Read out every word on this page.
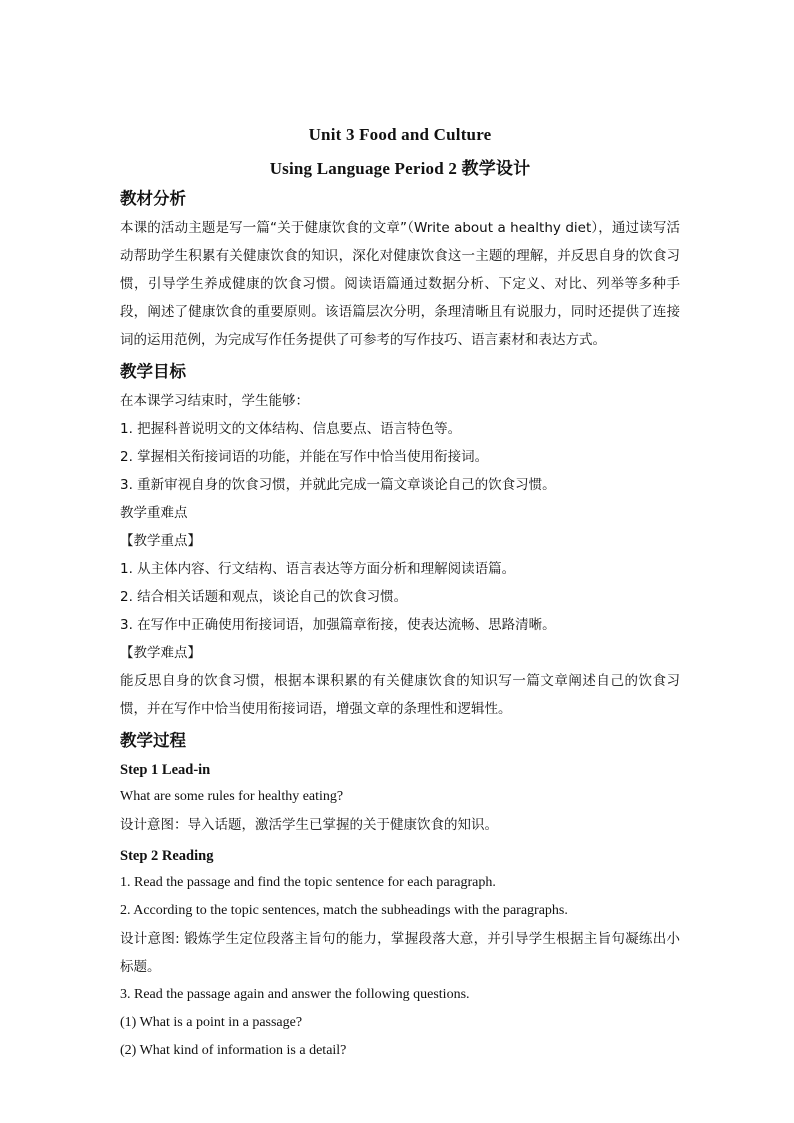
Unit 3 Food and Culture
Using Language Period 2 教学设计
教材分析
本课的活动主题是写一篇“关于健康饮食的文章”（Write about a healthy diet），通过读写活动帮助学生积累有关健康饮食的知识，深化对健康饮食这一主题的理解，并反思自身的饮食习惯，引导学生养成健康的饮食习惯。阅读语篇通过数据分析、下定义、对比、列举等多种手段，阐述了健康饮食的重要原则。该语篇层次分明，条理清晰且有说服力，同时还提供了连接词的运用范例，为完成写作任务提供了可参考的写作技巧、语言素材和表达方式。
教学目标
在本课学习结束时，学生能够：
1. 把握科普说明文的文体结构、信息要点、语言特色等。
2. 掌握相关衔接词语的功能，并能在写作中恰当使用衔接词。
3. 重新审视自身的饮食习惯，并就此完成一篇文章谈论自己的饮食习惯。
教学重难点
【教学重点】
1. 从主体内容、行文结构、语言表达等方面分析和理解阅读语篇。
2. 结合相关话题和观点，谈论自己的饮食习惯。
3. 在写作中正确使用衔接词语，加强篇章衔接，使表达流畅、思路清晰。
【教学难点】
能反思自身的饮食习惯，根据本课积累的有关健康饮食的知识写一篇文章阐述自己的饮食习惯，并在写作中恰当使用衔接词语，增强文章的条理性和逻辑性。
教学过程
Step 1 Lead-in
What are some rules for healthy eating?
设计意图：导入话题，激活学生已掌握的关于健康饮食的知识。
Step 2 Reading
1. Read the passage and find the topic sentence for each paragraph.
2. According to the topic sentences, match the subheadings with the paragraphs.
设计意图: 锻炼学生定位段落主旨句的能力，掌握段落大意，并引导学生根据主旨句凝练出小标题。
3. Read the passage again and answer the following questions.
(1) What is a point in a passage?
(2) What kind of information is a detail?
